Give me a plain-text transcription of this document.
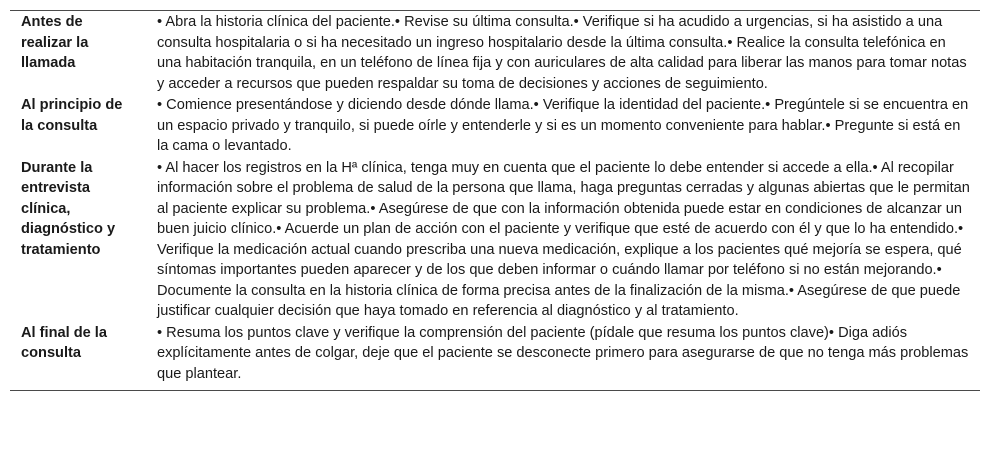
Antes de realizar la llamada	• Abra la historia clínica del paciente.• Revise su última consulta.• Verifique si ha acudido a urgencias, si ha asistido a una consulta hospitalaria o si ha necesitado un ingreso hospitalario desde la última consulta.• Realice la consulta telefónica en una habitación tranquila, en un teléfono de línea fija y con auriculares de alta calidad para liberar las manos para tomar notas y acceder a recursos que pueden respaldar su toma de decisiones y acciones de seguimiento.
Al principio de la consulta	• Comience presentándose y diciendo desde dónde llama.• Verifique la identidad del paciente.• Pregúntele si se encuentra en un espacio privado y tranquilo, si puede oírle y entenderle y si es un momento conveniente para hablar.• Pregunte si está en la cama o levantado.
Durante la entrevista clínica, diagnóstico y tratamiento	• Al hacer los registros en la Hª clínica, tenga muy en cuenta que el paciente lo debe entender si accede a ella.• Al recopilar información sobre el problema de salud de la persona que llama, haga preguntas cerradas y algunas abiertas que le permitan al paciente explicar su problema.• Asegúrese de que con la información obtenida puede estar en condiciones de alcanzar un buen juicio clínico.• Acuerde un plan de acción con el paciente y verifique que esté de acuerdo con él y que lo ha entendido.• Verifique la medicación actual cuando prescriba una nueva medicación, explique a los pacientes qué mejoría se espera, qué síntomas importantes pueden aparecer y de los que deben informar o cuándo llamar por teléfono si no están mejorando.• Documente la consulta en la historia clínica de forma precisa antes de la finalización de la misma.• Asegúrese de que puede justificar cualquier decisión que haya tomado en referencia al diagnóstico y al tratamiento.
Al final de la consulta	• Resuma los puntos clave y verifique la comprensión del paciente (pídale que resuma los puntos clave)• Diga adiós explícitamente antes de colgar, deje que el paciente se desconecte primero para asegurarse de que no tenga más problemas que plantear.
